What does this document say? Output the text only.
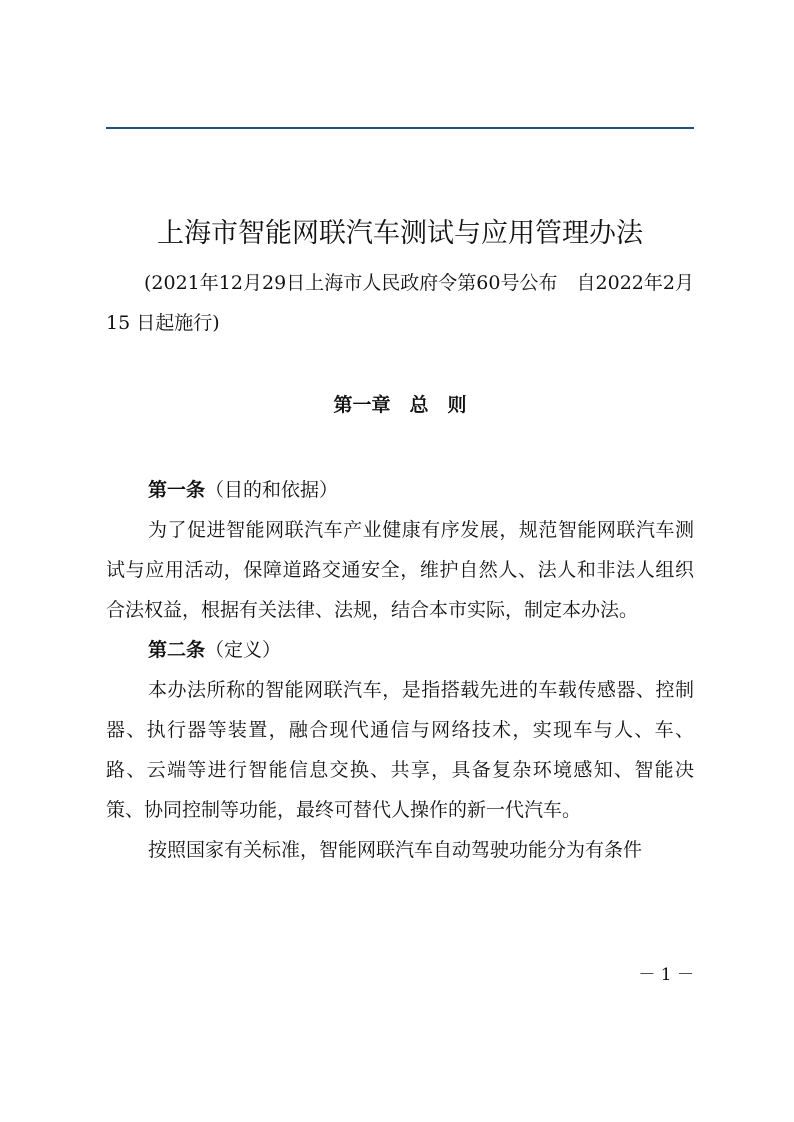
上海市智能网联汽车测试与应用管理办法
(2021年12月29日上海市人民政府令第60号公布　自2022年2月15 日起施行)
第一章　总　则

第一条（目的和依据）

为了促进智能网联汽车产业健康有序发展，规范智能网联汽车测试与应用活动，保障道路交通安全，维护自然人、法人和非法人组织合法权益，根据有关法律、法规，结合本市实际，制定本办法。

第二条（定义）

本办法所称的智能网联汽车，是指搭载先进的车载传感器、控制器、执行器等装置，融合现代通信与网络技术，实现车与人、车、路、云端等进行智能信息交换、共享，具备复杂环境感知、智能决策、协同控制等功能，最终可替代人操作的新一代汽车。

按照国家有关标准，智能网联汽车自动驾驶功能分为有条件

－ 1 －
